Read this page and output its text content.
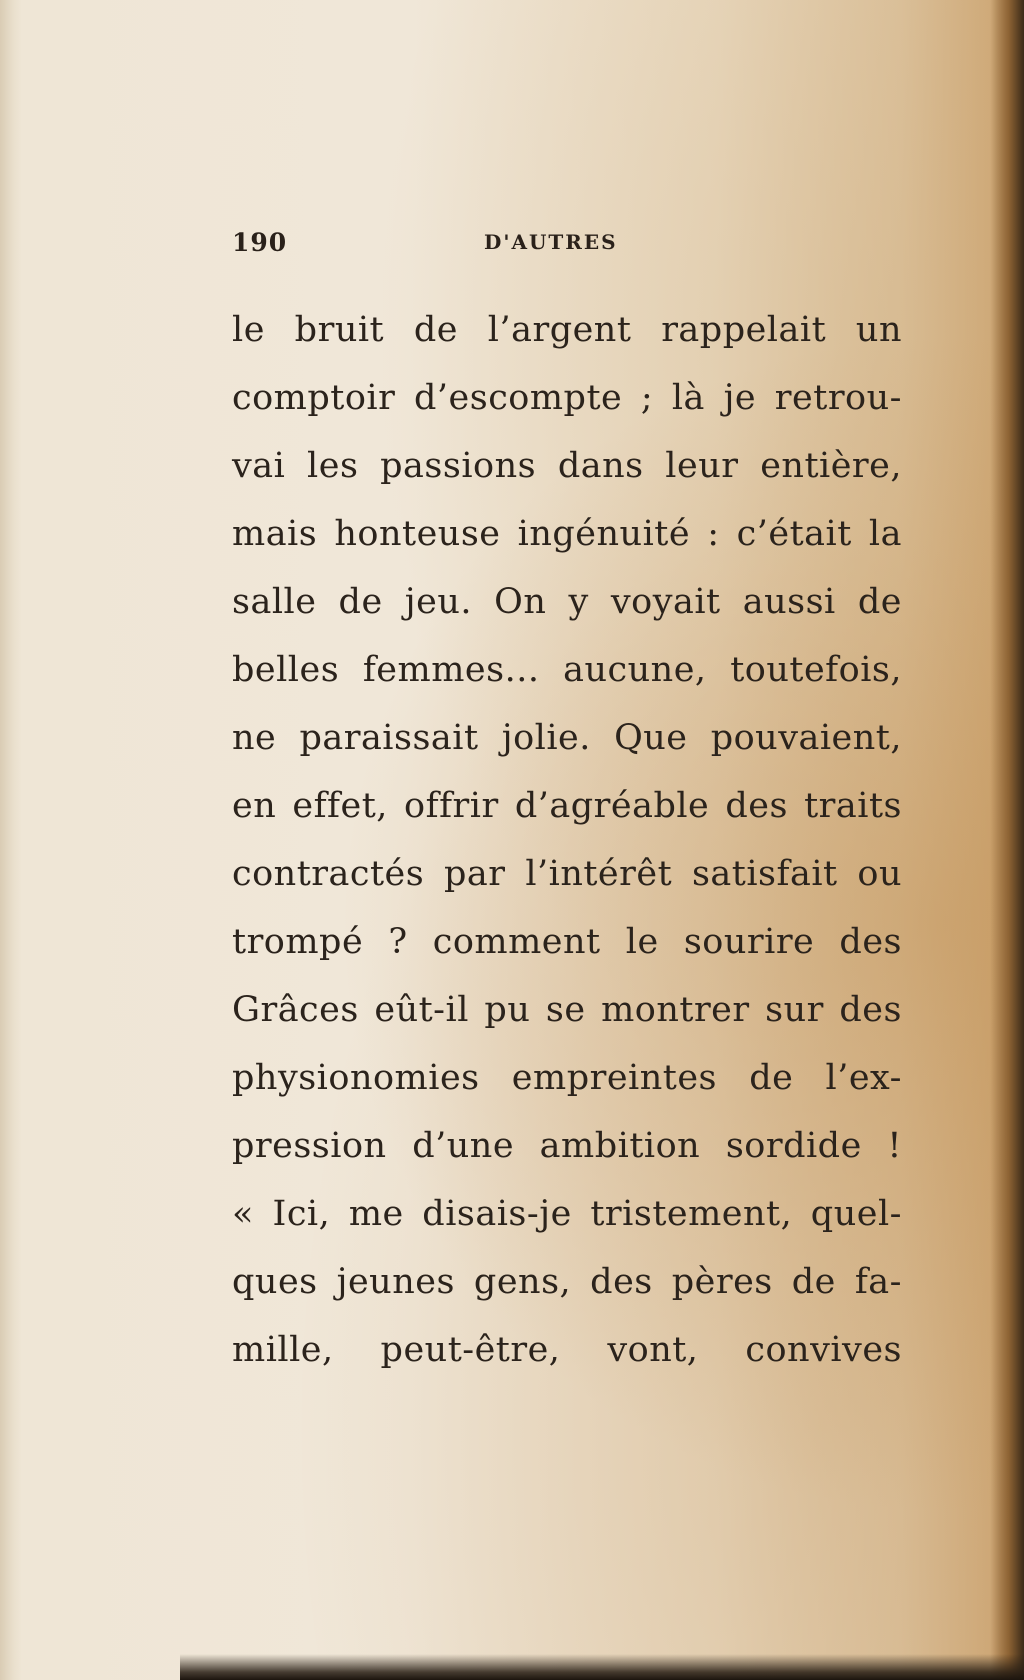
190	D'AUTRES
le bruit de l’argent rappelait un
comptoir d’escompte ; là je retrou-
vai les passions dans leur entière,
mais honteuse ingénuité : c’était la
salle de jeu. On y voyait aussi de
belles femmes... aucune, toutefois,
ne paraissait jolie. Que pouvaient,
en effet, offrir d’agréable des traits
contractés par l’intérêt satisfait ou
trompé ? comment le sourire des
Grâces eût-il pu se montrer sur des
physionomies empreintes de l’ex-
pression d’une ambition sordide !
« Ici, me disais-je tristement, quel-
ques jeunes gens, des pères de fa-
mille, peut-être, vont, convives
